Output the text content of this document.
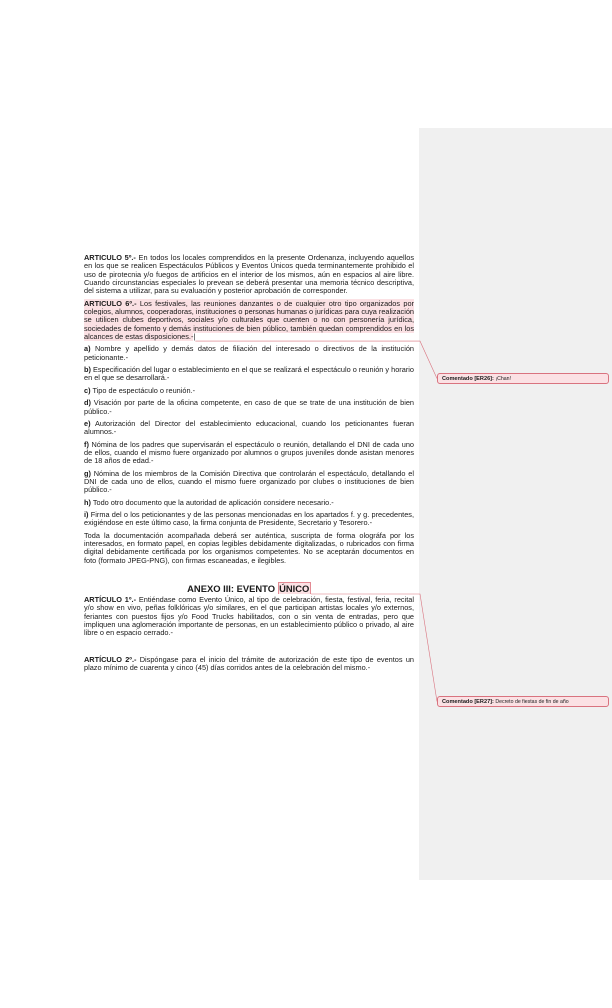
ARTICULO 5º.- En todos los locales comprendidos en la presente Ordenanza, incluyendo aquellos en los que se realicen Espectáculos Públicos y Eventos Únicos queda terminantemente prohibido el uso de pirotecnia y/o fuegos de artificios en el interior de los mismos, aún en espacios al aire libre. Cuando circunstancias especiales lo prevean se deberá presentar una memoria técnico descriptiva, del sistema a utilizar, para su evaluación y posterior aprobación de corresponder.

ARTICULO 6º.- Los festivales, las reuniones danzantes o de cualquier otro tipo organizados por colegios, alumnos, cooperadoras, instituciones o personas humanas o jurídicas para cuya realización se utilicen clubes deportivos, sociales y/o culturales que cuenten o no con personería jurídica, sociedades de fomento y demás instituciones de bien público, también quedan comprendidos en los alcances de estas disposiciones.-|

a) Nombre y apellido y demás datos de filiación del interesado o directivos de la institución peticionante.-

b) Especificación del lugar o establecimiento en el que se realizará el espectáculo o reunión y horario en el que se desarrollará.-

c) Tipo de espectáculo o reunión.-

d) Visación por parte de la oficina competente, en caso de que se trate de una institución de bien público.-

e) Autorización del Director del establecimiento educacional, cuando los peticionantes fueran alumnos.-

f) Nómina de los padres que supervisarán el espectáculo o reunión, detallando el DNI de cada uno de ellos, cuando el mismo fuere organizado por alumnos o grupos juveniles donde asistan menores de 18 años de edad.-

g) Nómina de los miembros de la Comisión Directiva que controlarán el espectáculo, detallando el DNI de cada uno de ellos, cuando el mismo fuere organizado por clubes o instituciones de bien público.-

h) Todo otro documento que la autoridad de aplicación considere necesario.-

i) Firma del o los peticionantes y de las personas mencionadas en los apartados f. y g. precedentes, exigiéndose en este último caso, la firma conjunta de Presidente, Secretario y Tesorero.-

Toda la documentación acompañada deberá ser auténtica, suscripta de forma olográfa por los interesados, en formato papel, en copias legibles debidamente digitalizadas, o rubricados con firma digital debidamente certificada por los organismos competentes. No se aceptarán documentos en foto (formato JPEG-PNG), con firmas escaneadas, e ilegibles.

ANEXO III: EVENTO ÚNICO

ARTÍCULO 1º.- Entiéndase como Evento Único, al tipo de celebración, fiesta, festival, feria, recital y/o show en vivo, peñas folklóricas y/o similares, en el que participan artistas locales y/o externos, feriantes con puestos fijos y/o Food Trucks habilitados, con o sin venta de entradas, pero que impliquen una aglomeración importante de personas, en un establecimiento público o privado, al aire libre o en espacio cerrado.-

ARTÍCULO 2º.- Dispóngase para el inicio del trámite de autorización de este tipo de eventos un plazo mínimo de cuarenta y cinco (45) días corridos antes de la celebración del mismo.-

Comentado [ER26]: ¡Chan!
Comentado [ER27]: Decreto de fiestas de fin de año
